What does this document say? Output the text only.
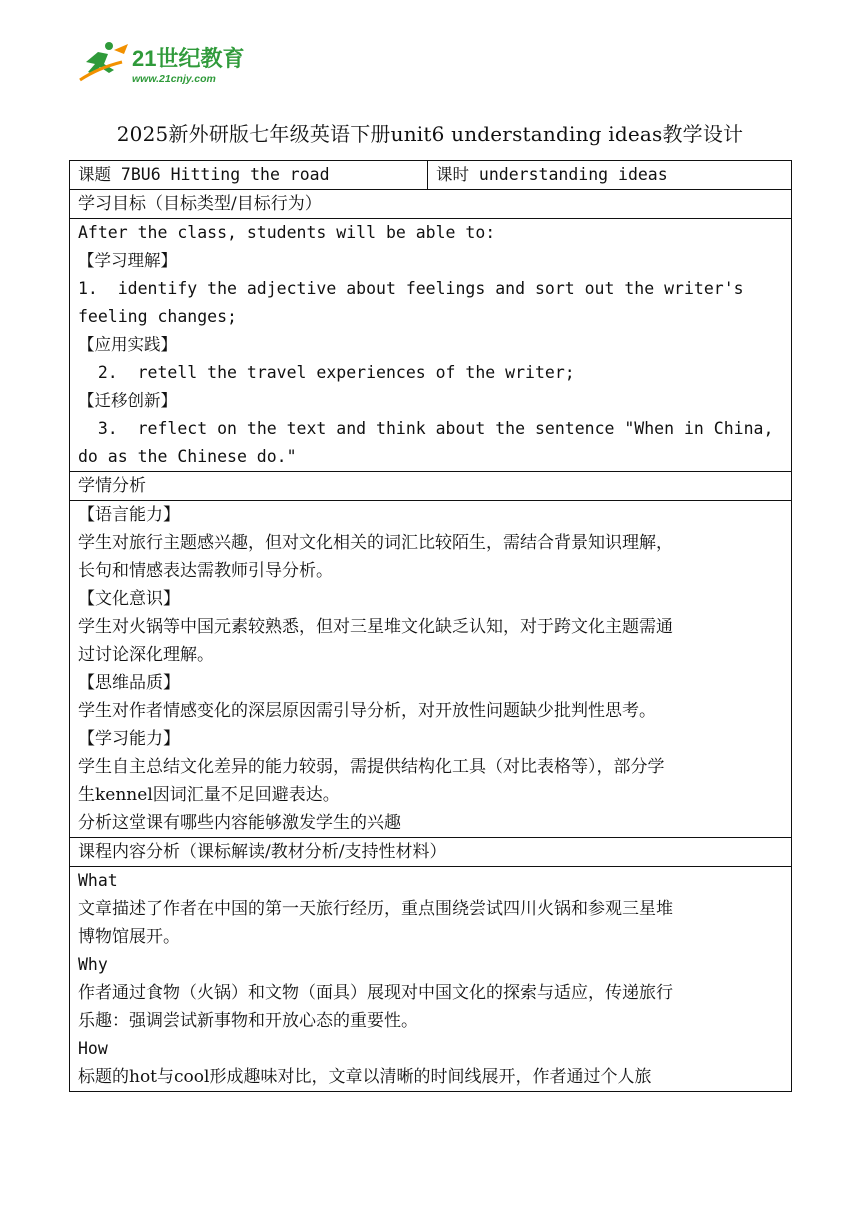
21世纪教育
www.21cnjy.com
2025新外研版七年级英语下册unit6 understanding ideas教学设计
课题 7BU6 Hitting the road	课时 understanding ideas
学习目标（目标类型/目标行为）

After the class, students will be able to:
【学习理解】
1.  identify the adjective about feelings and sort out the writer's
feeling changes;
【应用实践】
2.  retell the travel experiences of the writer;
【迁移创新】
3.  reflect on the text and think about the sentence "When in China,
do as the Chinese do."

学情分析

【语言能力】
学生对旅行主题感兴趣，但对文化相关的词汇比较陌生，需结合背景知识理解，
长句和情感表达需教师引导分析。
【文化意识】
学生对火锅等中国元素较熟悉，但对三星堆文化缺乏认知，对于跨文化主题需通
过讨论深化理解。
【思维品质】
学生对作者情感变化的深层原因需引导分析，对开放性问题缺少批判性思考。
【学习能力】
学生自主总结文化差异的能力较弱，需提供结构化工具（对比表格等），部分学
生kennel因词汇量不足回避表达。
分析这堂课有哪些内容能够激发学生的兴趣

课程内容分析（课标解读/教材分析/支持性材料）

What
文章描述了作者在中国的第一天旅行经历，重点围绕尝试四川火锅和参观三星堆
博物馆展开。
Why
作者通过食物（火锅）和文物（面具）展现对中国文化的探索与适应，传递旅行
乐趣：强调尝试新事物和开放心态的重要性。
How
标题的hot与cool形成趣味对比，文章以清晰的时间线展开，作者通过个人旅
